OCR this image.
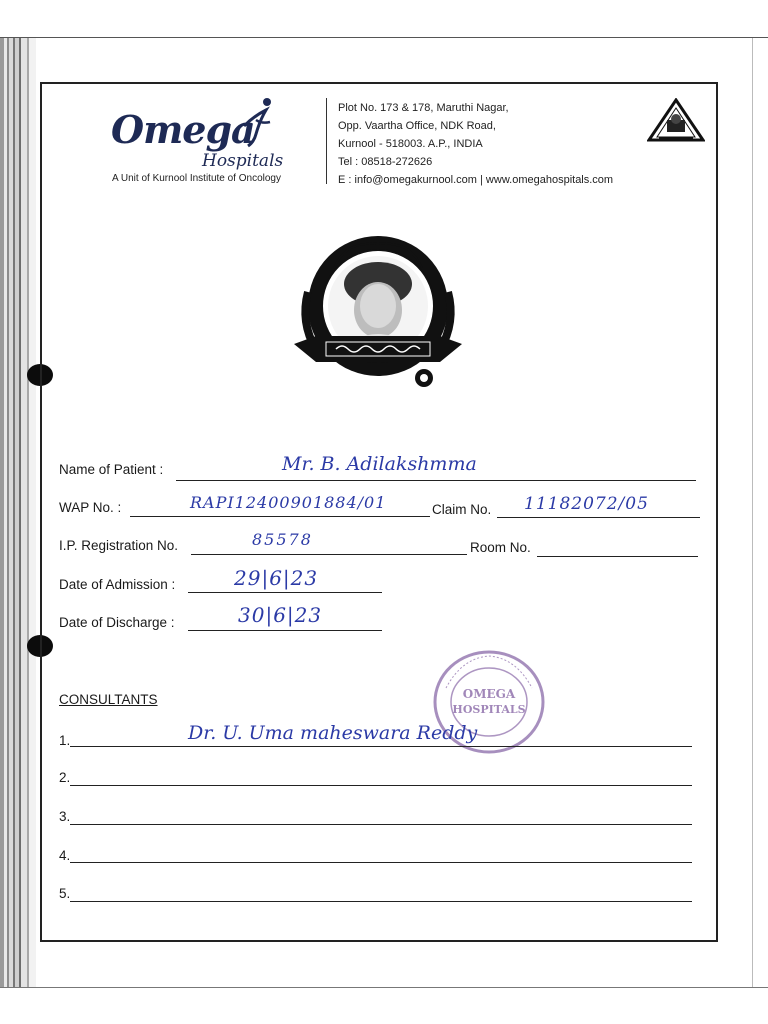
Omega
Hospitals
A Unit of Kurnool Institute of Oncology
Plot No. 173 & 178, Maruthi Nagar,
Opp. Vaartha Office, NDK Road,
Kurnool - 518003. A.P., INDIA
Tel : 08518-272626
E : info@omegakurnool.com | www.omegahospitals.com
Name of Patient :	Mr. B. Adilakshmma
WAP No. :	RAPI12400901884/01	Claim No. 11182072/05
I.P. Registration No.	85578	Room No.
Date of Admission :	29|6|23
Date of Discharge :	30|6|23
OMEGA
HOSPITALS
CONSULTANTS
1.	Dr. U. Uma maheswara Reddy
2.
3.
4.
5.
